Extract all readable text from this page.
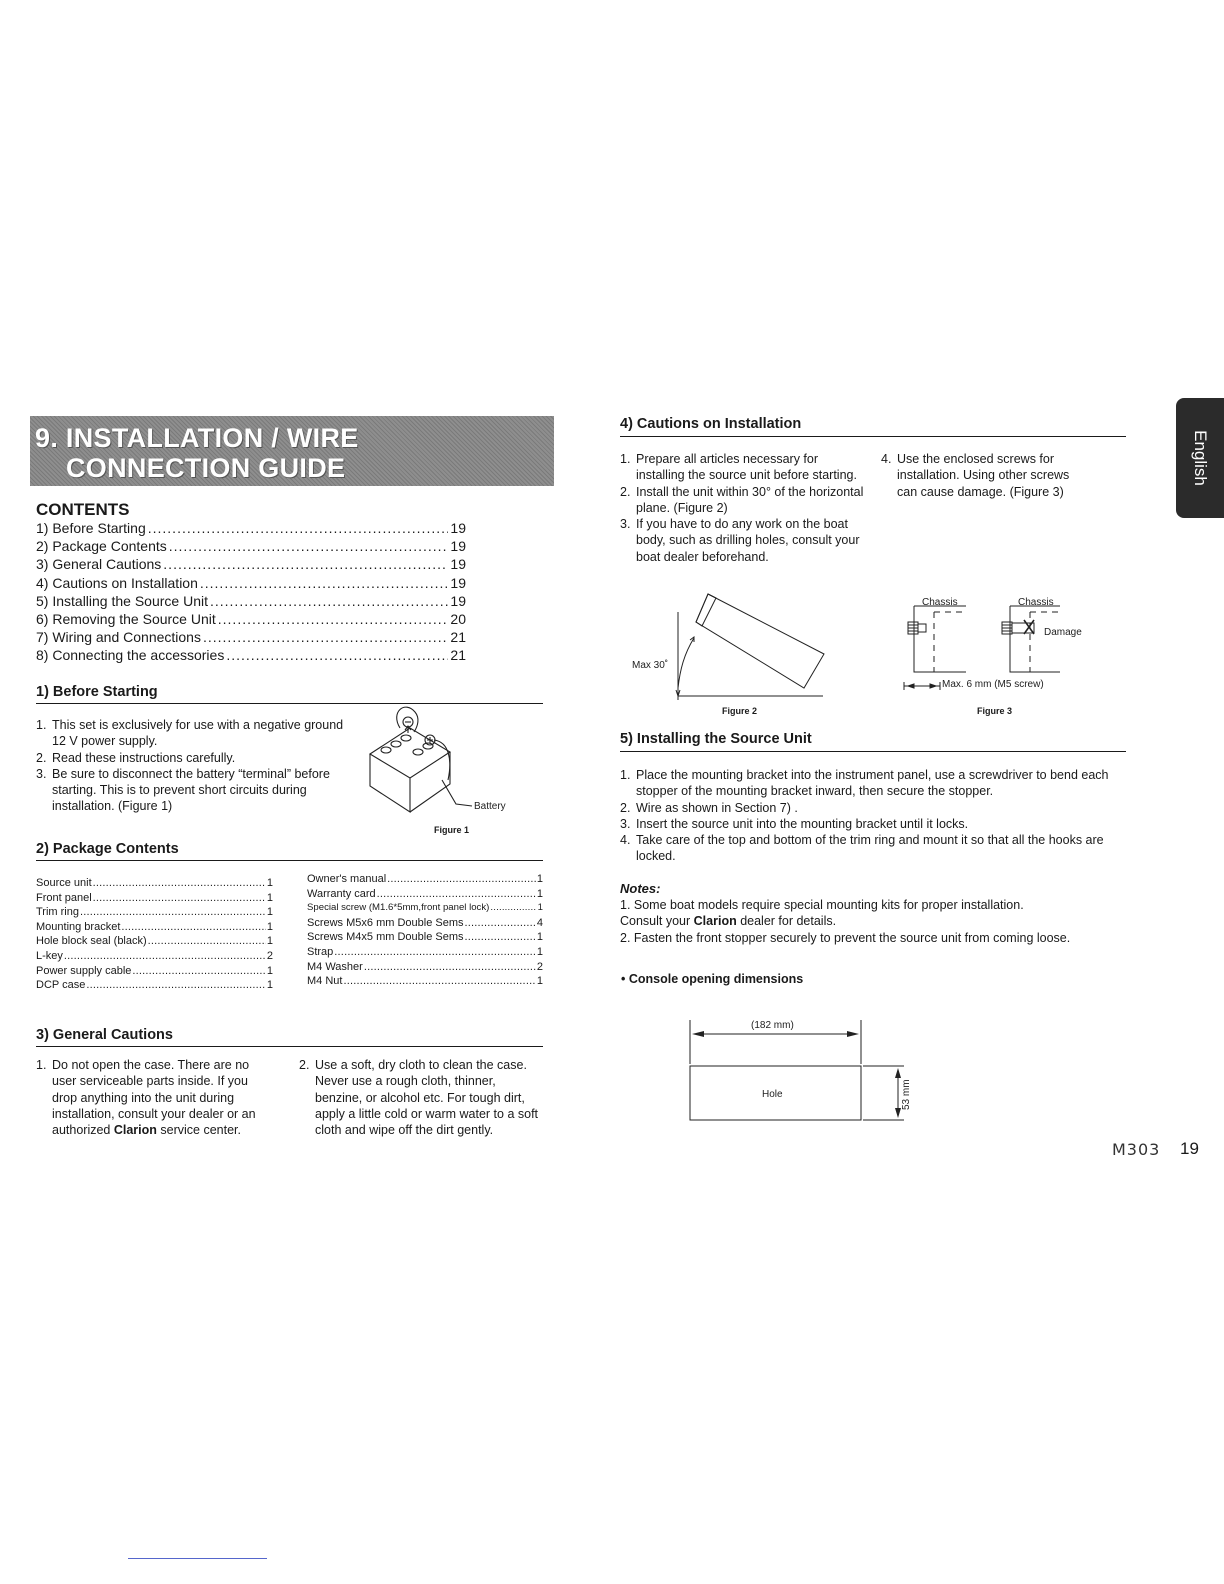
9. INSTALLATION / WIRE
CONNECTION GUIDE
CONTENTS
1) Before Starting .....	19
2) Package Contents .....	19
3) General Cautions .....	19
4) Cautions on Installation .....	19
5) Installing the Source Unit .....	19
6) Removing the Source Unit .....	20
7) Wiring and Connections .....	21
8) Connecting the accessories .....	21
1) Before Starting
1. This set is exclusively for use with a negative ground 12 V power supply.
2. Read these instructions carefully.
3. Be sure to disconnect the battery “terminal” before starting. This is to prevent short circuits during installation. (Figure 1)	Battery
Figure 1
2) Package Contents
Source unit .....	1
Front panel .....	1
Trim ring .....	1
Mounting bracket .....	1
Hole block seal (black) .....	1
L-key .....	2
Power supply cable .....	1
DCP case .....	1
Owner's manual .....	1
Warranty card .....	1
Special screw (M1.6*5mm,front panel lock) .....	1
Screws M5x6 mm Double Sems .....	4
Screws M4x5 mm Double Sems .....	1
Strap .....	1
M4 Washer .....	2
M4 Nut .....	1
3) General Cautions
1. Do not open the case. There are no user serviceable parts inside. If you drop anything into the unit during installation, consult your dealer or an authorized Clarion service center.
2. Use a soft, dry cloth to clean the case. Never use a rough cloth, thinner, benzine, or alcohol etc. For tough dirt, apply a little cold or warm water to a soft cloth and wipe off the dirt gently.
4) Cautions on Installation
1. Prepare all articles necessary for installing the source unit before starting.
2. Install the unit within 30° of the horizontal plane. (Figure 2)
3. If you have to do any work on the boat body, such as drilling holes, consult your boat dealer beforehand.
4. Use the enclosed screws for installation. Using other screws can cause damage. (Figure 3)
Max 30˚
Figure 2
Chassis	Chassis
Damage
Max. 6 mm (M5 screw)
Figure 3
5) Installing the Source Unit
1. Place the mounting bracket into the instrument panel, use a screwdriver to bend each stopper of the mounting bracket inward, then secure the stopper.
2. Wire as shown in Section 7) .
3. Insert the source unit into the mounting bracket until it locks.
4. Take care of the top and bottom of the trim ring and mount it so that all the hooks are locked.
Notes:
1. Some boat models require special mounting kits for proper installation.
Consult your Clarion dealer for details.
2. Fasten the front stopper securely to prevent the source unit from coming loose.
• Console opening dimensions
(182 mm)
Hole	53 mm
English
M303 19
